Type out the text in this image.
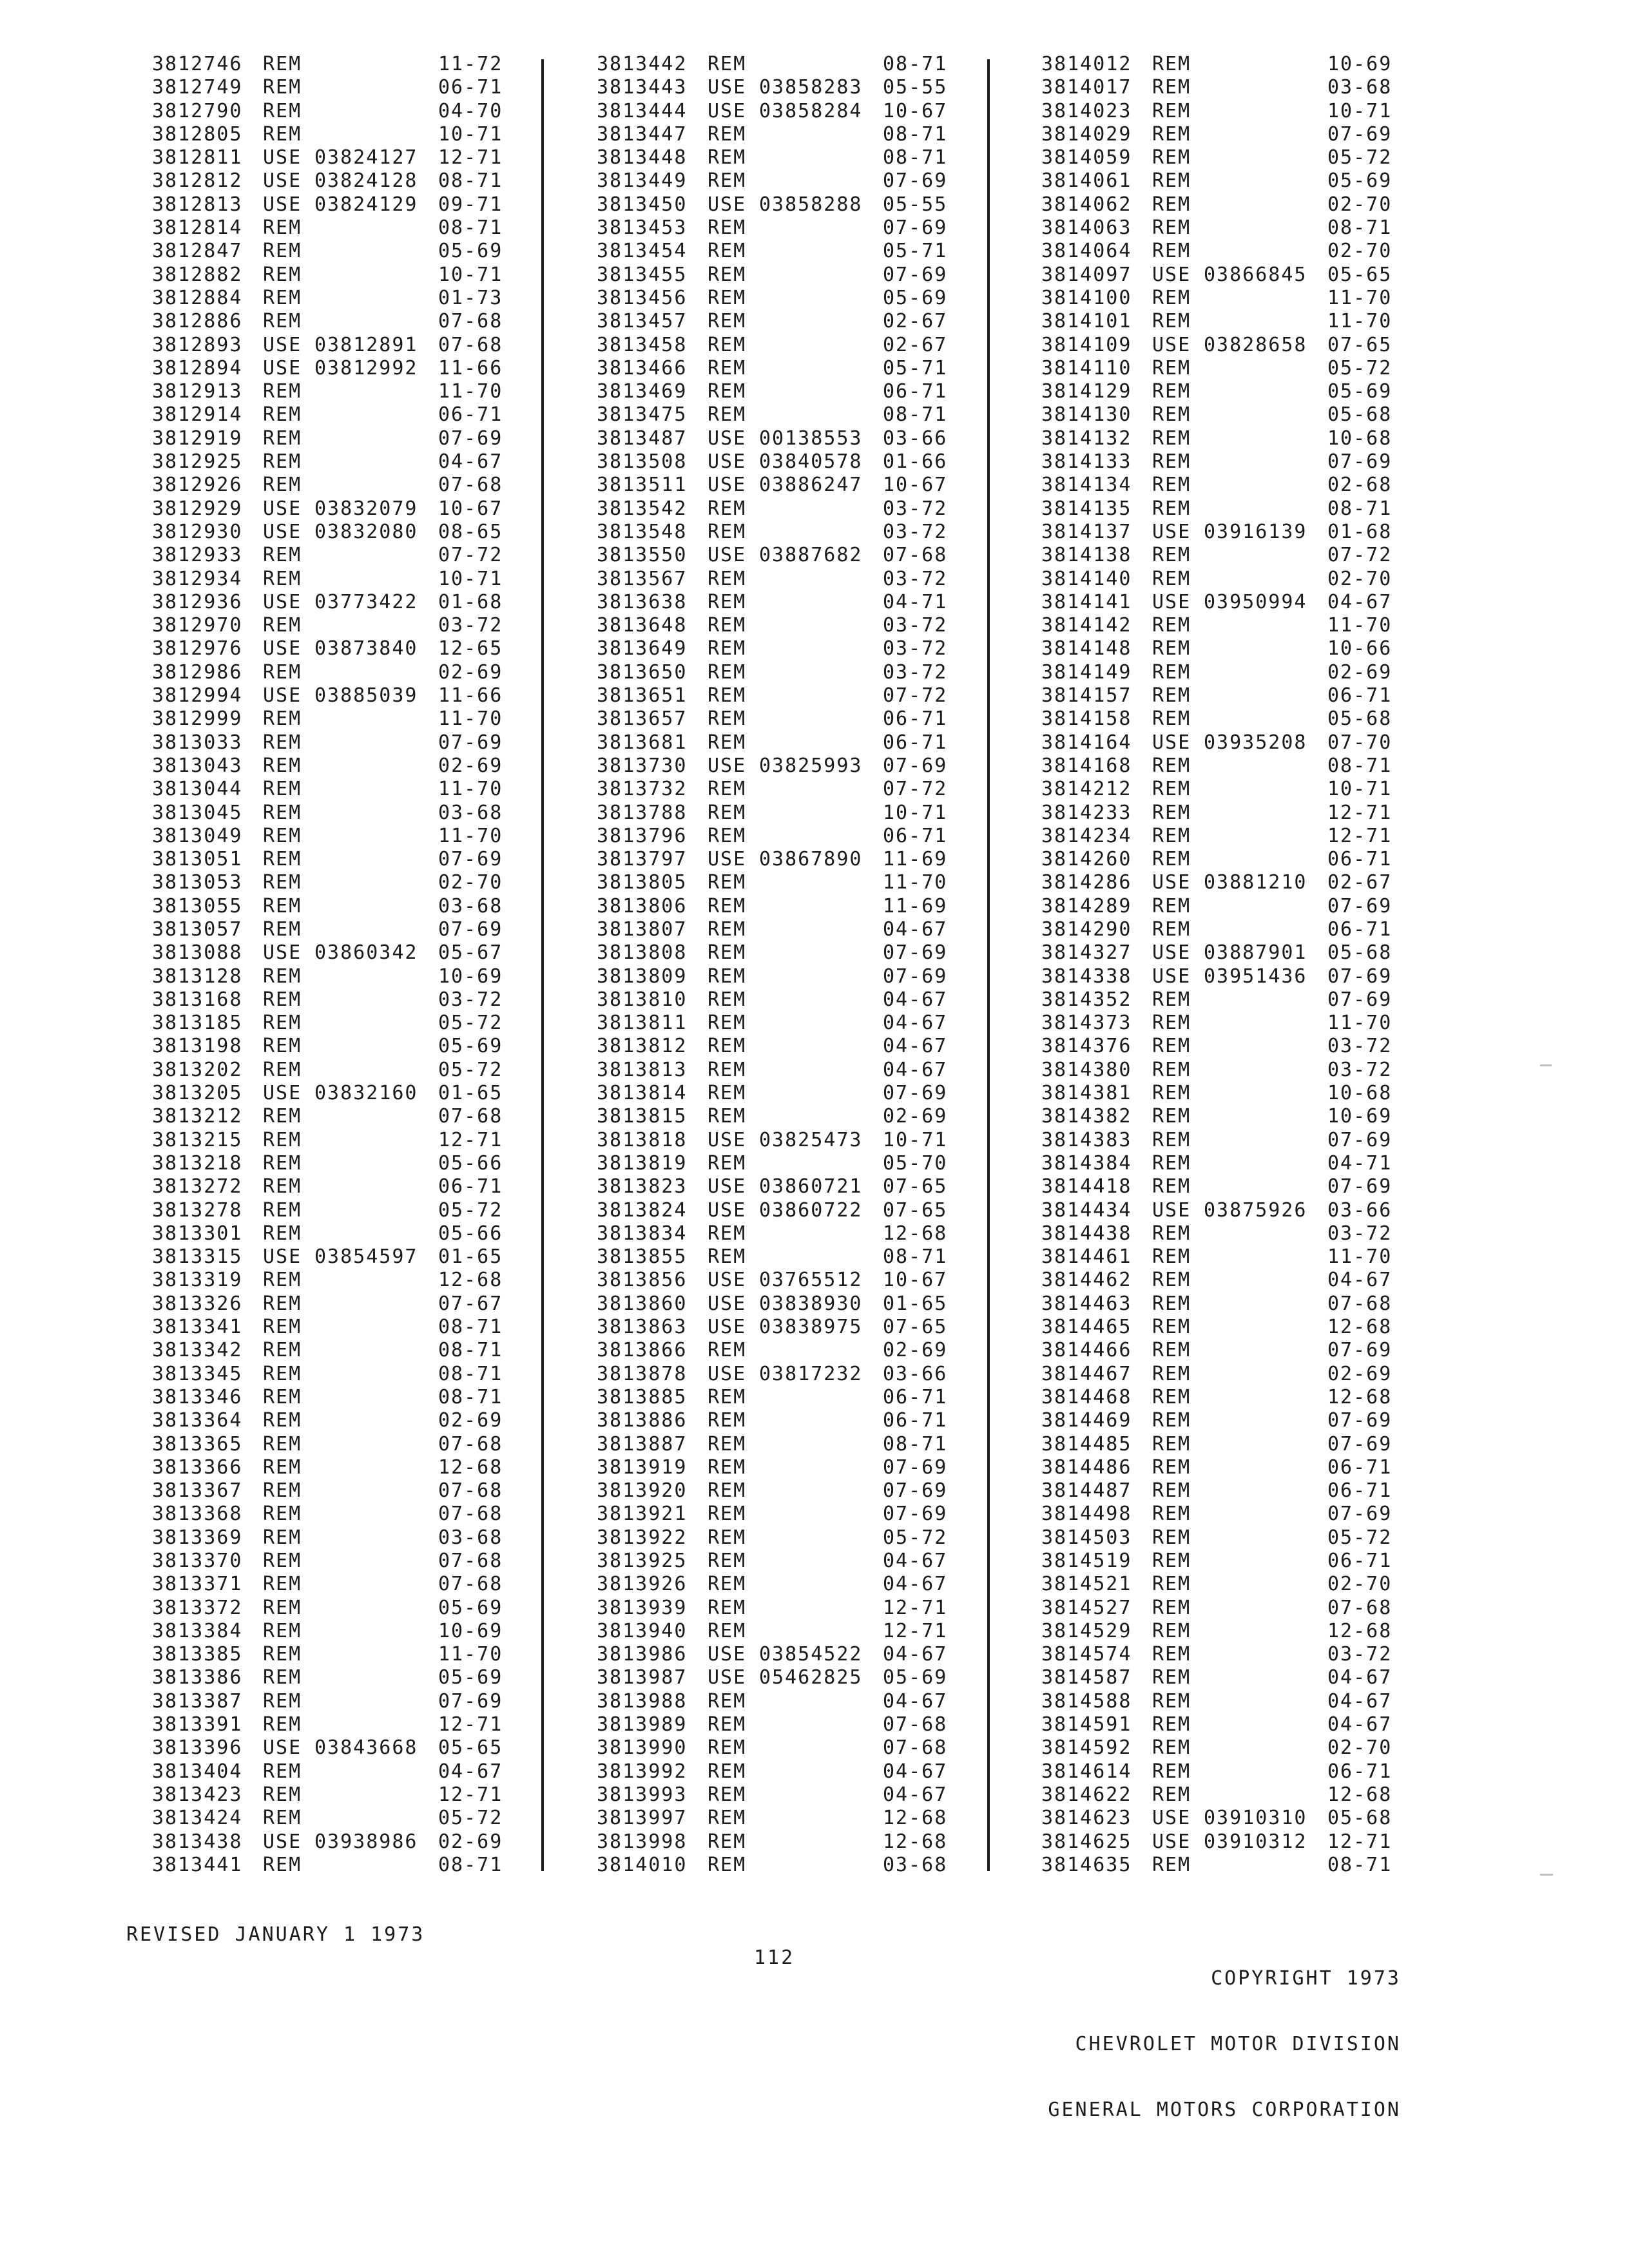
3812746 REM	11-72
3812749 REM	06-71
3812790 REM	04-70
3812805 REM	10-71
3812811 USE 03824127 12-71
3812812 USE 03824128 08-71
3812813 USE 03824129 09-71
3812814 REM	08-71
3812847 REM	05-69
3812882 REM	10-71
3812884 REM	01-73
3812886 REM	07-68
3812893 USE 03812891 07-68
3812894 USE 03812992 11-66
3812913 REM	11-70
3812914 REM	06-71
3812919 REM	07-69
3812925 REM	04-67
3812926 REM	07-68
3812929 USE 03832079 10-67
3812930 USE 03832080 08-65
3812933 REM	07-72
3812934 REM	10-71
3812936 USE 03773422 01-68
3812970 REM	03-72
3812976 USE 03873840 12-65
3812986 REM	02-69
3812994 USE 03885039 11-66
3812999 REM	11-70
3813033 REM	07-69
3813043 REM	02-69
3813044 REM	11-70
3813045 REM	03-68
3813049 REM	11-70
3813051 REM	07-69
3813053 REM	02-70
3813055 REM	03-68
3813057 REM	07-69
3813088 USE 03860342 05-67
3813128 REM	10-69
3813168 REM	03-72
3813185 REM	05-72
3813198 REM	05-69
3813202 REM	05-72
3813205 USE 03832160 01-65
3813212 REM	07-68
3813215 REM	12-71
3813218 REM	05-66
3813272 REM	06-71
3813278 REM	05-72
3813301 REM	05-66
3813315 USE 03854597 01-65
3813319 REM	12-68
3813326 REM	07-67
3813341 REM	08-71
3813342 REM	08-71
3813345 REM	08-71
3813346 REM	08-71
3813364 REM	02-69
3813365 REM	07-68
3813366 REM	12-68
3813367 REM	07-68
3813368 REM	07-68
3813369 REM	03-68
3813370 REM	07-68
3813371 REM	07-68
3813372 REM	05-69
3813384 REM	10-69
3813385 REM	11-70
3813386 REM	05-69
3813387 REM	07-69
3813391 REM	12-71
3813396 USE 03843668 05-65
3813404 REM	04-67
3813423 REM	12-71
3813424 REM	05-72
3813438 USE 03938986 02-69
3813441 REM	08-71
3813442 REM	08-71
3813443 USE 03858283 05-55
3813444 USE 03858284 10-67
3813447 REM	08-71
3813448 REM	08-71
3813449 REM	07-69
3813450 USE 03858288 05-55
3813453 REM	07-69
3813454 REM	05-71
3813455 REM	07-69
3813456 REM	05-69
3813457 REM	02-67
3813458 REM	02-67
3813466 REM	05-71
3813469 REM	06-71
3813475 REM	08-71
3813487 USE 00138553 03-66
3813508 USE 03840578 01-66
3813511 USE 03886247 10-67
3813542 REM	03-72
3813548 REM	03-72
3813550 USE 03887682 07-68
3813567 REM	03-72
3813638 REM	04-71
3813648 REM	03-72
3813649 REM	03-72
3813650 REM	03-72
3813651 REM	07-72
3813657 REM	06-71
3813681 REM	06-71
3813730 USE 03825993 07-69
3813732 REM	07-72
3813788 REM	10-71
3813796 REM	06-71
3813797 USE 03867890 11-69
3813805 REM	11-70
3813806 REM	11-69
3813807 REM	04-67
3813808 REM	07-69
3813809 REM	07-69
3813810 REM	04-67
3813811 REM	04-67
3813812 REM	04-67
3813813 REM	04-67
3813814 REM	07-69
3813815 REM	02-69
3813818 USE 03825473 10-71
3813819 REM	05-70
3813823 USE 03860721 07-65
3813824 USE 03860722 07-65
3813834 REM	12-68
3813855 REM	08-71
3813856 USE 03765512 10-67
3813860 USE 03838930 01-65
3813863 USE 03838975 07-65
3813866 REM	02-69
3813878 USE 03817232 03-66
3813885 REM	06-71
3813886 REM	06-71
3813887 REM	08-71
3813919 REM	07-69
3813920 REM	07-69
3813921 REM	07-69
3813922 REM	05-72
3813925 REM	04-67
3813926 REM	04-67
3813939 REM	12-71
3813940 REM	12-71
3813986 USE 03854522 04-67
3813987 USE 05462825 05-69
3813988 REM	04-67
3813989 REM	07-68
3813990 REM	07-68
3813992 REM	04-67
3813993 REM	04-67
3813997 REM	12-68
3813998 REM	12-68
3814010 REM	03-68
3814012 REM	10-69
3814017 REM	03-68
3814023 REM	10-71
3814029 REM	07-69
3814059 REM	05-72
3814061 REM	05-69
3814062 REM	02-70
3814063 REM	08-71
3814064 REM	02-70
3814097 USE 03866845 05-65
3814100 REM	11-70
3814101 REM	11-70
3814109 USE 03828658 07-65
3814110 REM	05-72
3814129 REM	05-69
3814130 REM	05-68
3814132 REM	10-68
3814133 REM	07-69
3814134 REM	02-68
3814135 REM	08-71
3814137 USE 03916139 01-68
3814138 REM	07-72
3814140 REM	02-70
3814141 USE 03950994 04-67
3814142 REM	11-70
3814148 REM	10-66
3814149 REM	02-69
3814157 REM	06-71
3814158 REM	05-68
3814164 USE 03935208 07-70
3814168 REM	08-71
3814212 REM	10-71
3814233 REM	12-71
3814234 REM	12-71
3814260 REM	06-71
3814286 USE 03881210 02-67
3814289 REM	07-69
3814290 REM	06-71
3814327 USE 03887901 05-68
3814338 USE 03951436 07-69
3814352 REM	07-69
3814373 REM	11-70
3814376 REM	03-72
3814380 REM	03-72
3814381 REM	10-68
3814382 REM	10-69
3814383 REM	07-69
3814384 REM	04-71
3814418 REM	07-69
3814434 USE 03875926 03-66
3814438 REM	03-72
3814461 REM	11-70
3814462 REM	04-67
3814463 REM	07-68
3814465 REM	12-68
3814466 REM	07-69
3814467 REM	02-69
3814468 REM	12-68
3814469 REM	07-69
3814485 REM	07-69
3814486 REM	06-71
3814487 REM	06-71
3814498 REM	07-69
3814503 REM	05-72
3814519 REM	06-71
3814521 REM	02-70
3814527 REM	07-68
3814529 REM	12-68
3814574 REM	03-72
3814587 REM	04-67
3814588 REM	04-67
3814591 REM	04-67
3814592 REM	02-70
3814614 REM	06-71
3814622 REM	12-68
3814623 USE 03910310 05-68
3814625 USE 03910312 12-71
3814635 REM	08-71
REVISED JANUARY 1 1973
112

COPYRIGHT 1973

CHEVROLET MOTOR DIVISION

GENERAL MOTORS CORPORATION
